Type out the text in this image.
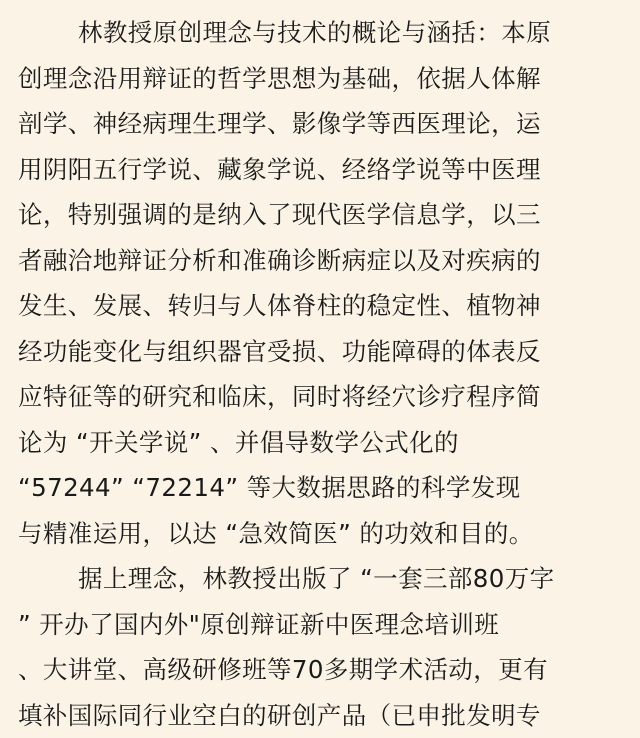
林教授原创理念与技术的概论与涵括：本原
创理念沿用辩证的哲学思想为基础，依据人体解
剖学、神经病理生理学、影像学等西医理论，运
用阴阳五行学说、藏象学说、经络学说等中医理
论，特别强调的是纳入了现代医学信息学，以三
者融洽地辩证分析和准确诊断病症以及对疾病的
发生、发展、转归与人体脊柱的稳定性、植物神
经功能变化与组织器官受损、功能障碍的体表反
应特征等的研究和临床，同时将经穴诊疗程序简
论为 “开关学说” 、并倡导数学公式化的
“57244” “72214” 等大数据思路的科学发现
与精准运用，以达 “急效简医” 的功效和目的。
据上理念，林教授出版了 “一套三部80万字
” 开办了国内外"原创辩证新中医理念培训班
、大讲堂、高级研修班等70多期学术活动，更有
填补国际同行业空白的研创产品（已申批发明专
